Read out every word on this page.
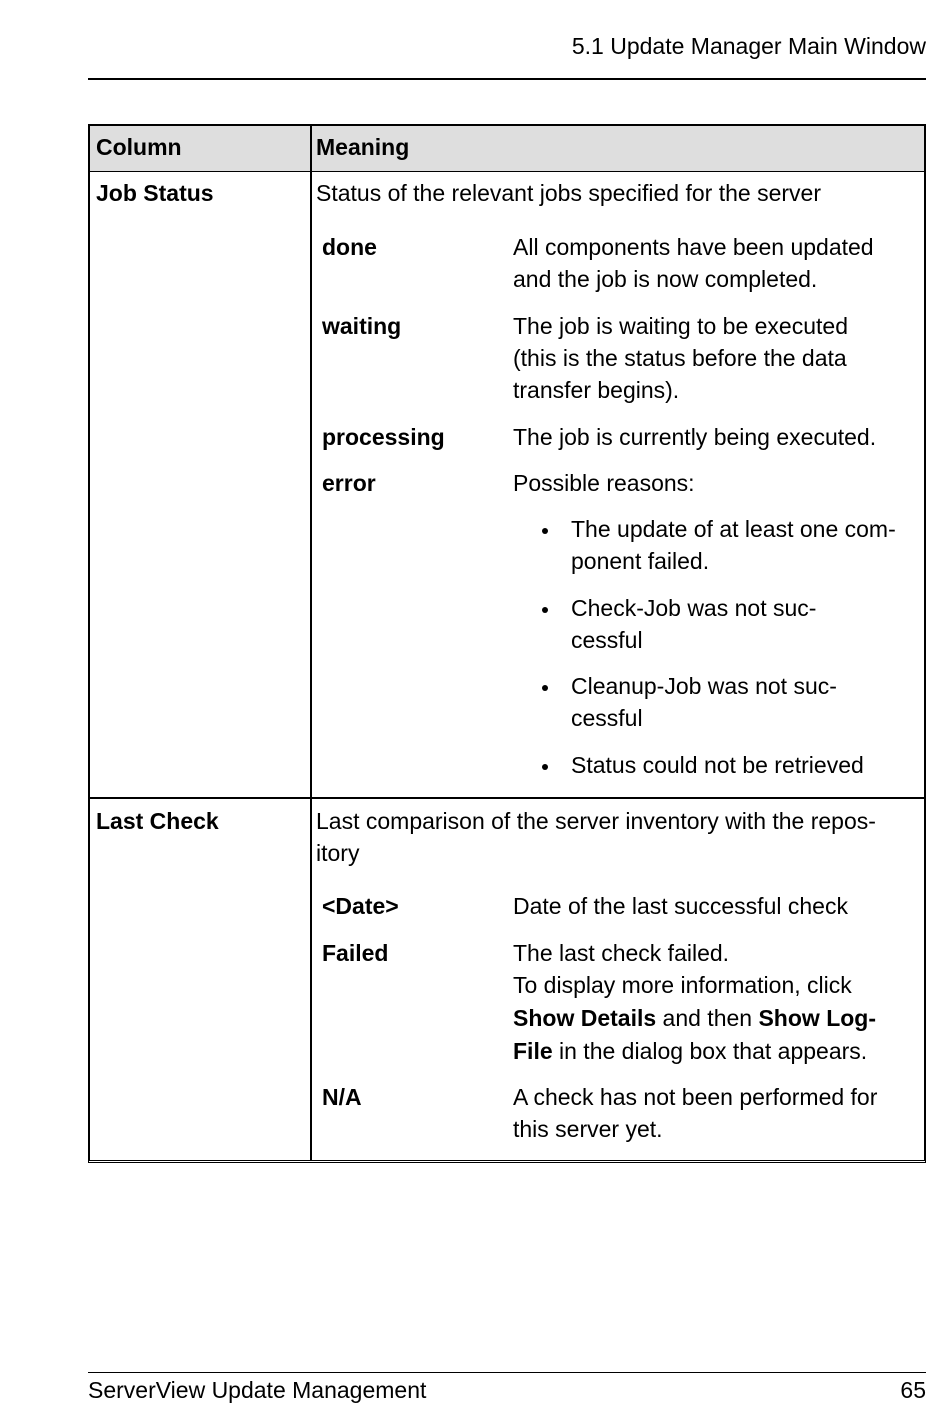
5.1 Update Manager Main Window
Column	Meaning
Job Status	Status of the relevant jobs specified for the server
done	All components have been updated
and the job is now completed.
waiting	The job is waiting to be executed
(this is the status before the data
transfer begins).
processing	The job is currently being executed.
error	Possible reasons:
The update of at least one com-
ponent failed.
Check-Job was not suc-
cessful
Cleanup-Job was not suc-
cessful
Status could not be retrieved
Last Check	Last comparison of the server inventory with the repos-
itory
<Date>	Date of the last successful check
Failed	The last check failed.
To display more information, click
Show Details and then Show Log-
File in the dialog box that appears.
N/A	A check has not been performed for
this server yet.
ServerView Update Management	65
